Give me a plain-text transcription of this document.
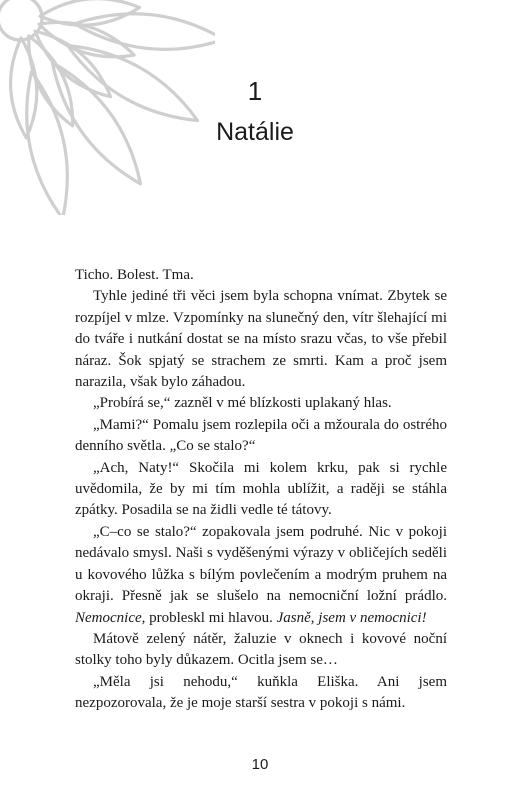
1
Natálie

Ticho. Bolest. Tma.

Tyhle jediné tři věci jsem byla schopna vnímat. Zbytek se rozpíjel v mlze. Vzpomínky na slunečný den, vítr šlehající mi do tváře i nutkání dostat se na místo srazu včas, to vše přebil náraz. Šok spjatý se strachem ze smrti. Kam a proč jsem narazila, však bylo záhadou.

„Probírá se,“ zazněl v mé blízkosti uplakaný hlas.

„Mami?“ Pomalu jsem rozlepila oči a mžourala do ostrého denního světla. „Co se stalo?“

„Ach, Naty!“ Skočila mi kolem krku, pak si rychle uvědomila, že by mi tím mohla ublížit, a raději se stáhla zpátky. Posadila se na židli vedle té tátovy.

„C–co se stalo?“ zopakovala jsem podruhé. Nic v pokoji nedávalo smysl. Naši s vyděšenými výrazy v obličejích seděli u kovového lůžka s bílým povlečením a modrým pruhem na okraji. Přesně jak se slušelo na nemocniční ložní prádlo. Nemocnice, probleskl mi hlavou. Jasně, jsem v nemocnici!

Mátově zelený nátěr, žaluzie v oknech i kovové noční stolky toho byly důkazem. Ocitla jsem se…

„Měla jsi nehodu,“ kuňkla Eliška. Ani jsem nezpozorovala, že je moje starší sestra v pokoji s námi.

10
